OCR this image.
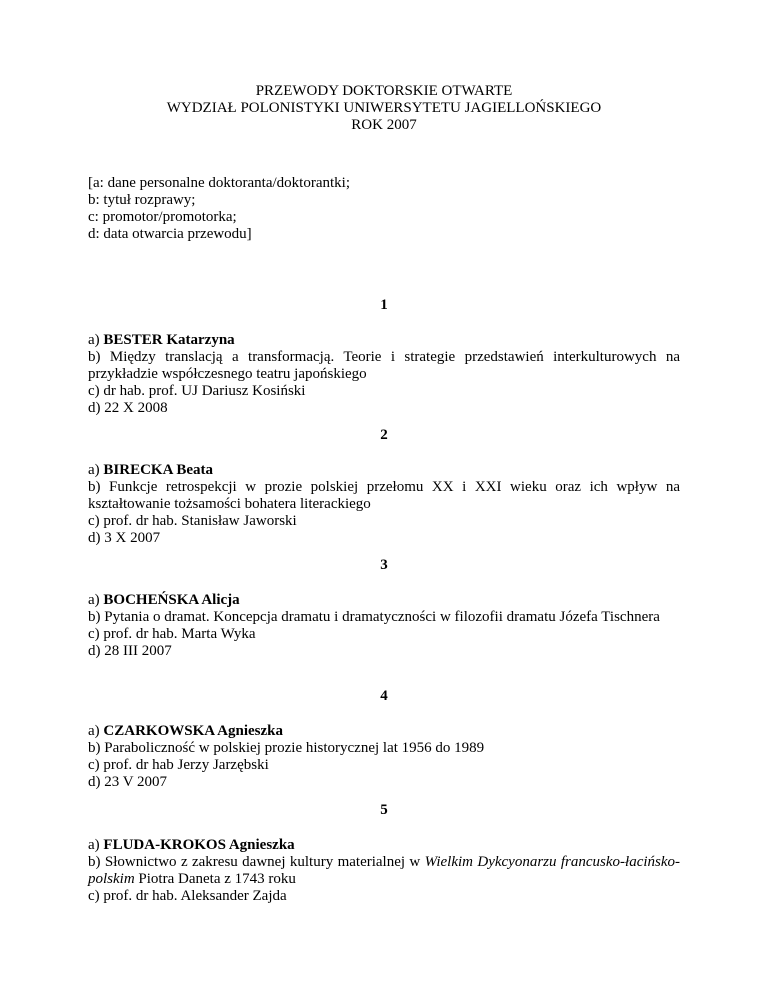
PRZEWODY DOKTORSKIE OTWARTE
WYDZIAŁ POLONISTYKI UNIWERSYTETU JAGIELLOŃSKIEGO
ROK 2007
[a: dane personalne doktoranta/doktorantki;
b: tytuł rozprawy;
c: promotor/promotorka;
d: data otwarcia przewodu]
1

a) BESTER Katarzyna

b) Między translacją a transformacją. Teorie i strategie przedstawień interkulturowych na przykładzie współczesnego teatru japońskiego

c) dr hab. prof. UJ Dariusz Kosiński

d) 22 X 2008

2

a) BIRECKA Beata

b) Funkcje retrospekcji w prozie polskiej przełomu XX i XXI wieku oraz ich wpływ na kształtowanie tożsamości bohatera literackiego

c) prof. dr hab. Stanisław Jaworski

d) 3 X 2007

3

a) BOCHEŃSKA Alicja

b) Pytania o dramat. Koncepcja dramatu i dramatyczności w filozofii dramatu Józefa Tischnera

c) prof. dr hab. Marta Wyka

d) 28 III 2007

4

a) CZARKOWSKA Agnieszka

b) Paraboliczność w polskiej prozie historycznej lat 1956 do 1989

c) prof. dr hab Jerzy Jarzębski

d) 23 V 2007

5

a) FLUDA-KROKOS Agnieszka

b) Słownictwo z zakresu dawnej kultury materialnej w Wielkim Dykcyonarzu francusko-łacińsko-polskim Piotra Daneta z 1743 roku

c) prof. dr hab. Aleksander Zajda
